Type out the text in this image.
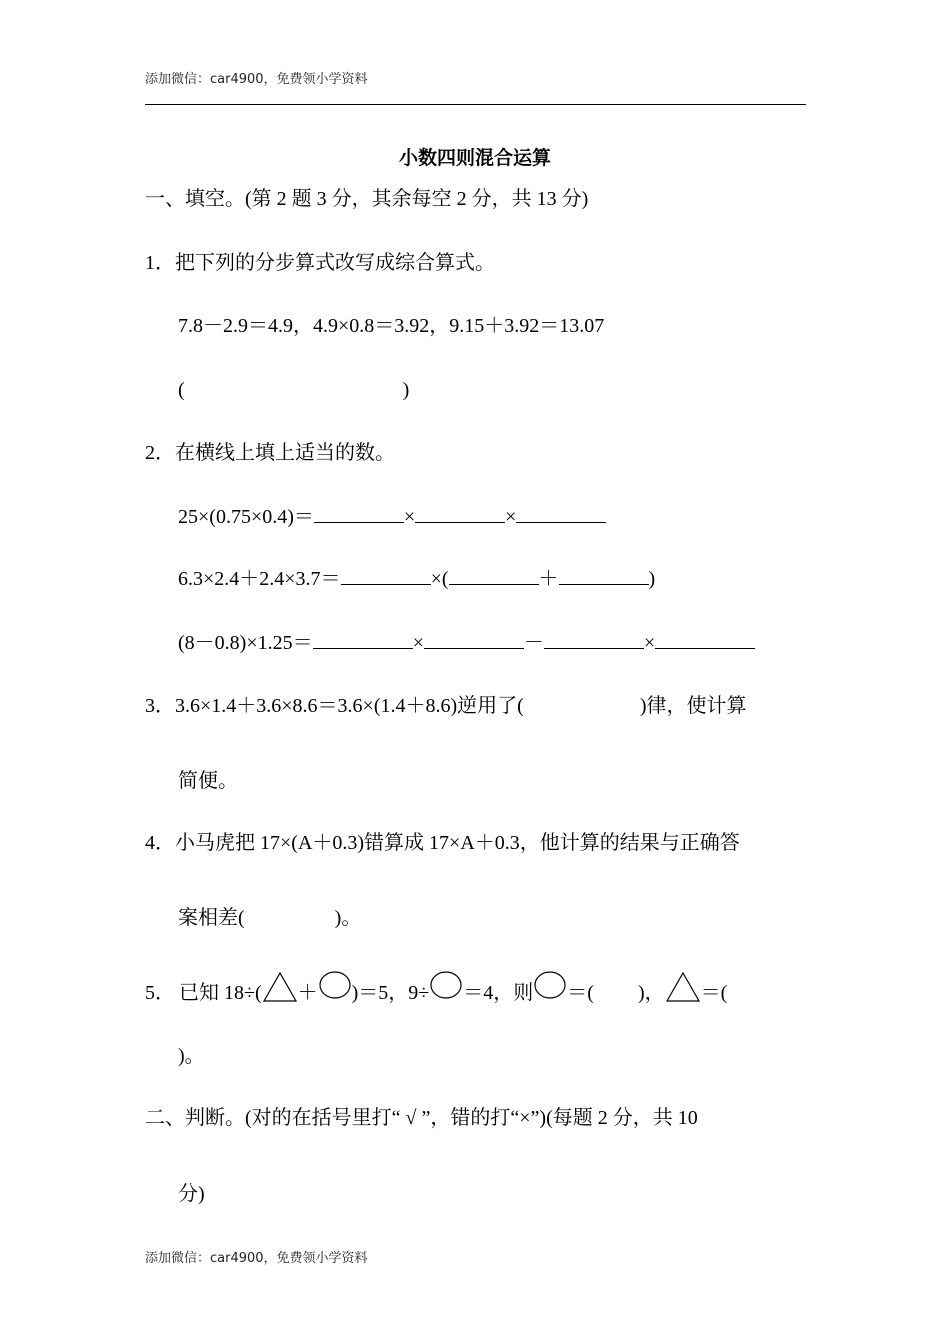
添加微信：car4900，免费领小学资料
小数四则混合运算
一、填空。(第 2 题 3 分，其余每空 2 分，共 13 分)
1．把下列的分步算式改写成综合算式。
7.8－2.9＝4.9，4.9×0.8＝3.92，9.15＋3.92＝13.07
(	)
2．在横线上填上适当的数。
25×(0.75×0.4)＝	×	×
6.3×2.4＋2.4×3.7＝	×(	＋	)
(8－0.8)×1.25＝	×	－	×
3．3.6×1.4＋3.6×8.6＝3.6×(1.4＋8.6)逆用了(	)律，使计算
简便。
4．小马虎把 17×(A＋0.3)错算成 17×A＋0.3，他计算的结果与正确答
案相差(	)。
5． 已知 18÷( ＋ )＝5，9÷ ＝4，则 ＝( )， ＝(
)。
二、判断。(对的在括号里打“ √ ”，错的打“×”)(每题 2 分，共 10
分)
添加微信：car4900，免费领小学资料
